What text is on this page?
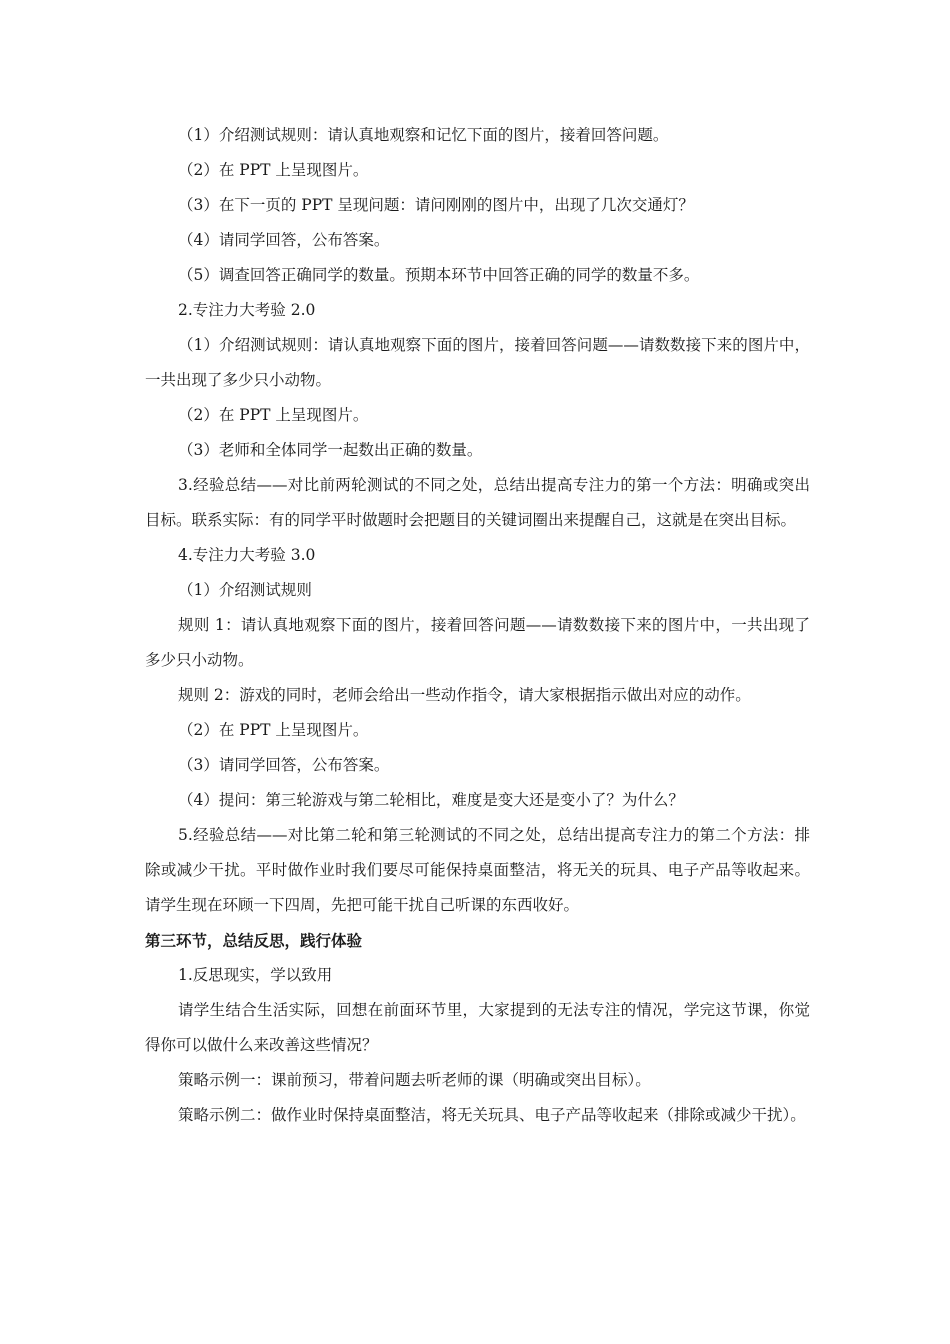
（1）介绍测试规则：请认真地观察和记忆下面的图片，接着回答问题。

（2）在 PPT 上呈现图片。

（3）在下一页的 PPT 呈现问题：请问刚刚的图片中，出现了几次交通灯？

（4）请同学回答，公布答案。

（5）调查回答正确同学的数量。预期本环节中回答正确的同学的数量不多。

2.专注力大考验 2.0

（1）介绍测试规则：请认真地观察下面的图片，接着回答问题——请数数接下来的图片中，一共出现了多少只小动物。

（2）在 PPT 上呈现图片。

（3）老师和全体同学一起数出正确的数量。

3.经验总结——对比前两轮测试的不同之处，总结出提高专注力的第一个方法：明确或突出目标。联系实际：有的同学平时做题时会把题目的关键词圈出来提醒自己，这就是在突出目标。

4.专注力大考验 3.0

（1）介绍测试规则

规则 1：请认真地观察下面的图片，接着回答问题——请数数接下来的图片中，一共出现了多少只小动物。

规则 2：游戏的同时，老师会给出一些动作指令，请大家根据指示做出对应的动作。

（2）在 PPT 上呈现图片。

（3）请同学回答，公布答案。

（4）提问：第三轮游戏与第二轮相比，难度是变大还是变小了？为什么？

5.经验总结——对比第二轮和第三轮测试的不同之处，总结出提高专注力的第二个方法：排除或减少干扰。平时做作业时我们要尽可能保持桌面整洁，将无关的玩具、电子产品等收起来。请学生现在环顾一下四周，先把可能干扰自己听课的东西收好。

第三环节，总结反思，践行体验

1.反思现实，学以致用

请学生结合生活实际，回想在前面环节里，大家提到的无法专注的情况，学完这节课，你觉得你可以做什么来改善这些情况？

策略示例一：课前预习，带着问题去听老师的课（明确或突出目标）。

策略示例二：做作业时保持桌面整洁，将无关玩具、电子产品等收起来（排除或减少干扰）。
